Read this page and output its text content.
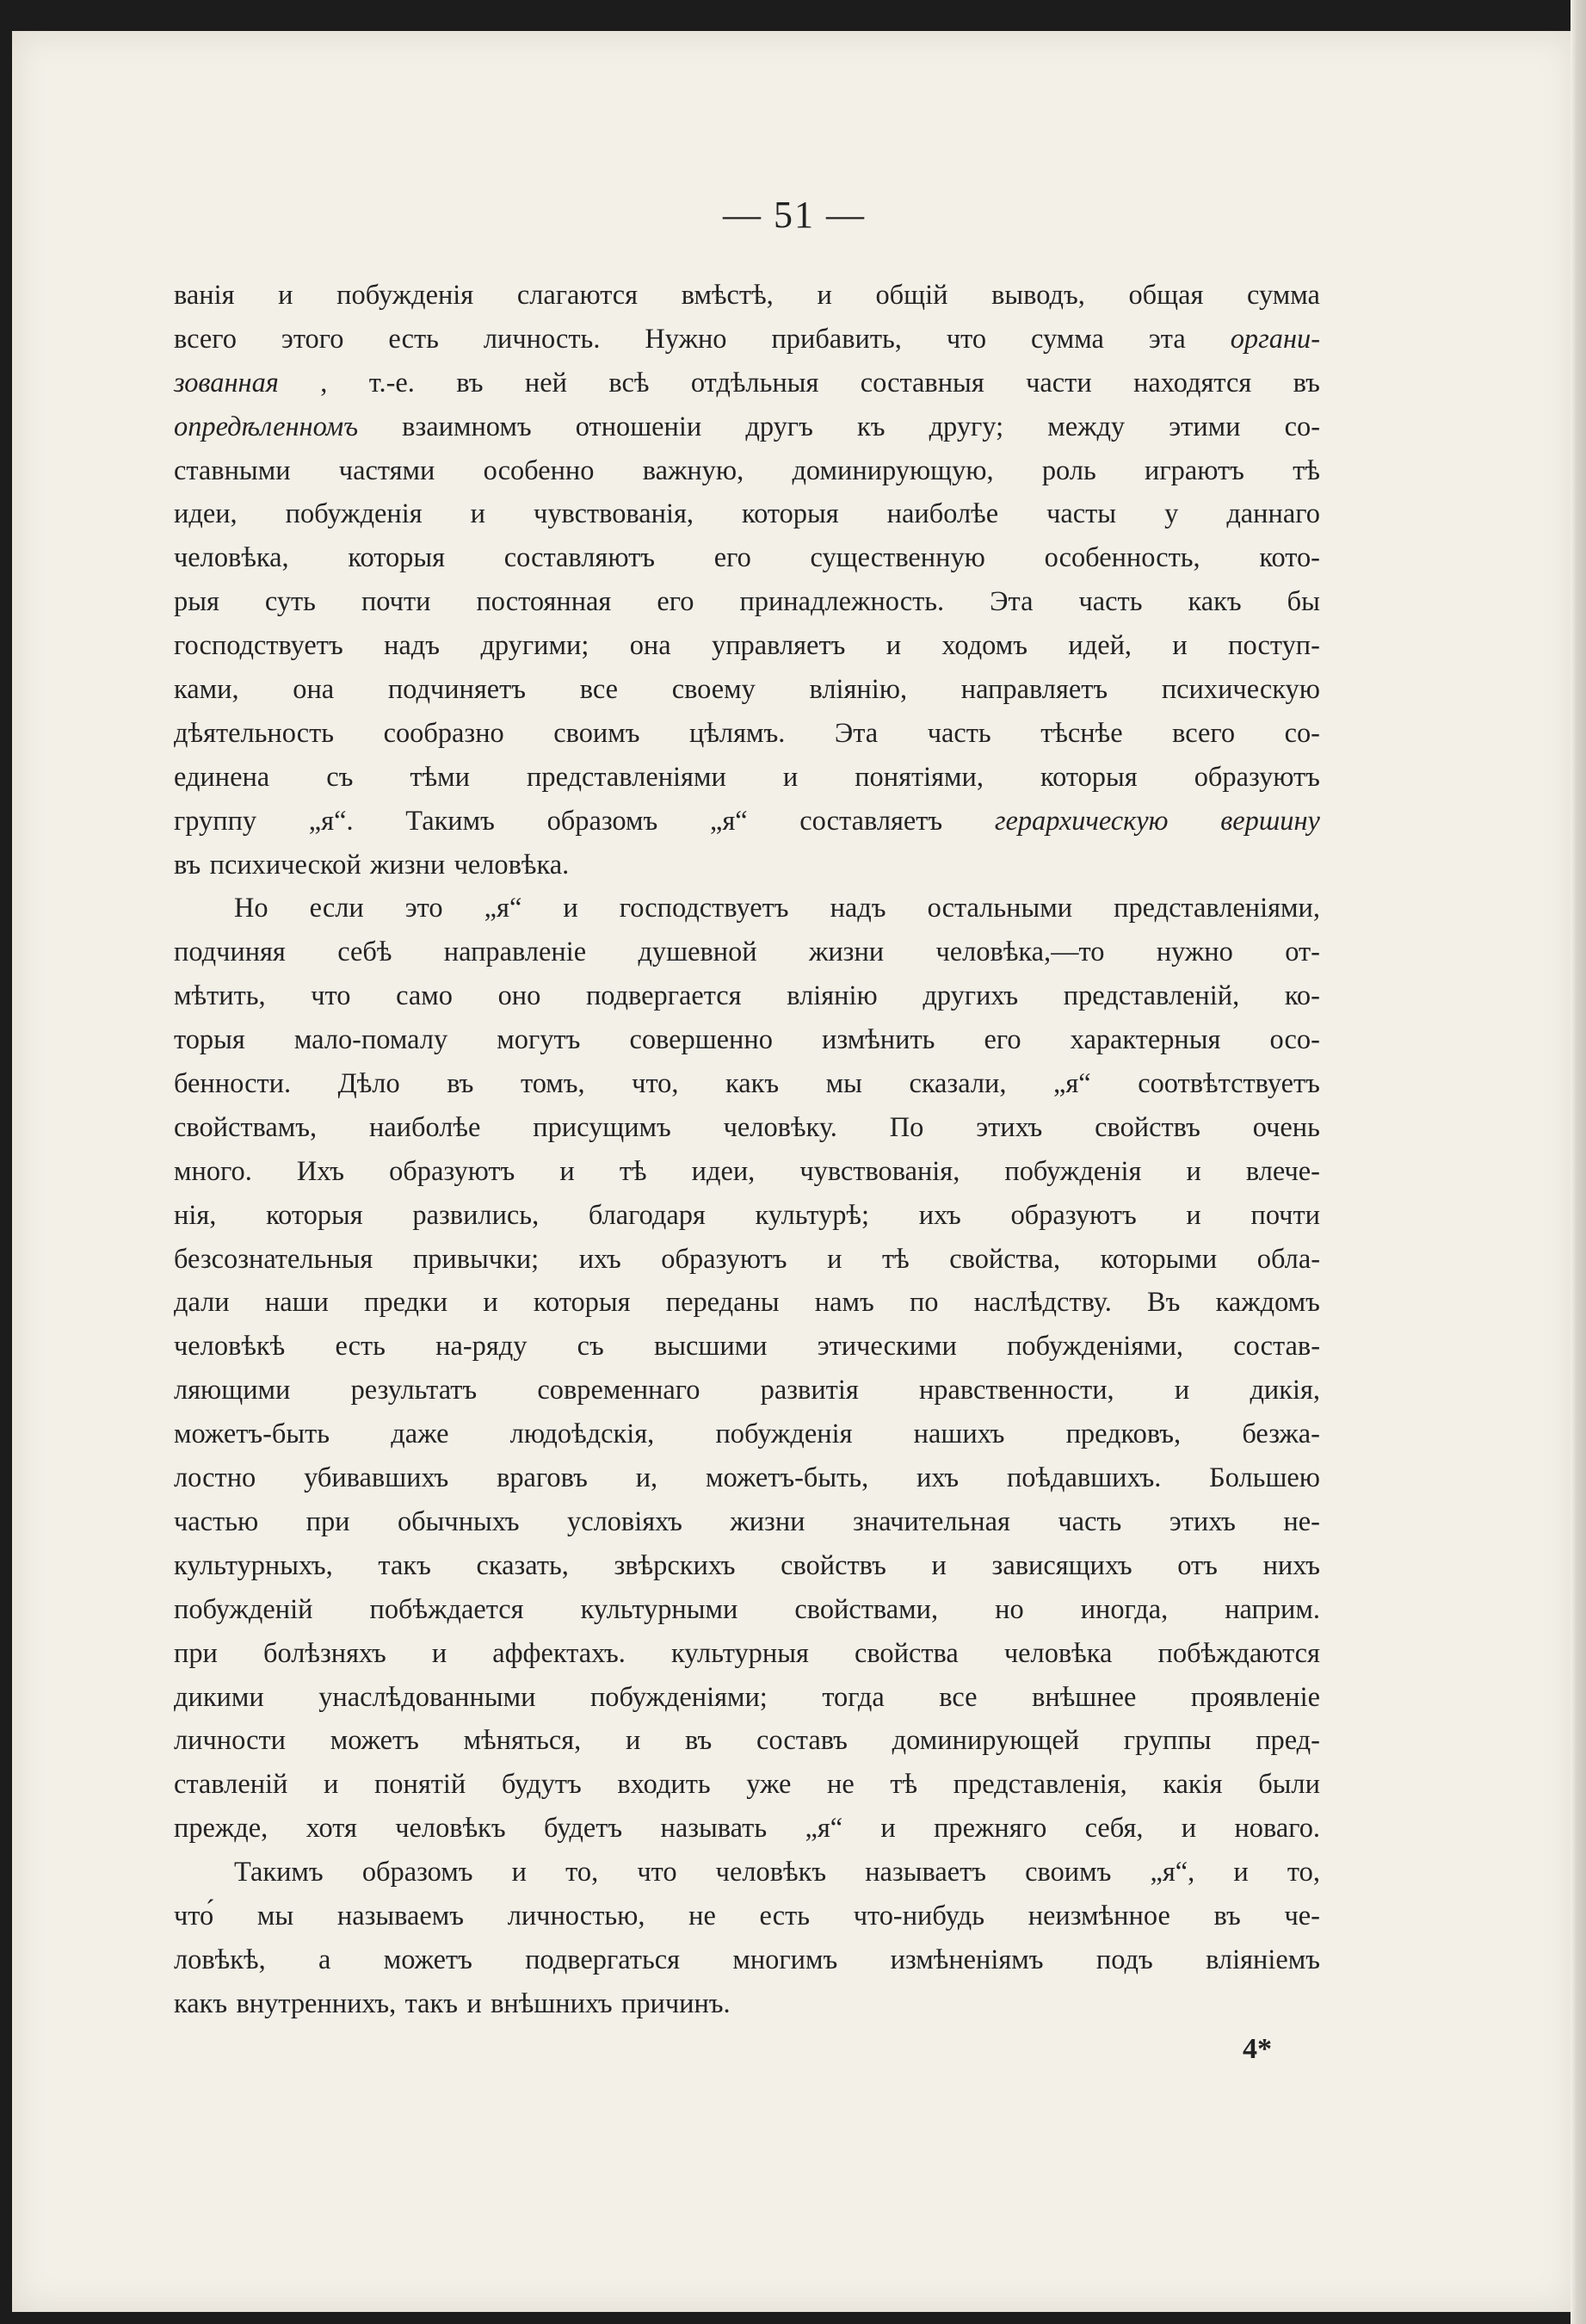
— 51 —
ванія и побужденія слагаются вмѣстѣ, и общій выводъ, общая сумма
всего этого есть личность. Нужно прибавить, что сумма эта органи-
зованная , т.-е. въ ней всѣ отдѣльныя составныя части находятся въ
опредѣленномъ взаимномъ отношеніи другъ къ другу; между этими со-
ставными частями особенно важную, доминирующую, роль играютъ тѣ
идеи, побужденія и чувствованія, которыя наиболѣе часты у даннаго
человѣка, которыя составляютъ его существенную особенность, кото-
рыя суть почти постоянная его принадлежность. Эта часть какъ бы
господствуетъ надъ другими; она управляетъ и ходомъ идей, и поступ-
ками, она подчиняетъ все своему вліянію, направляетъ психическую
дѣятельность сообразно своимъ цѣлямъ. Эта часть тѣснѣе всего со-
единена съ тѣми представленіями и понятіями, которыя образуютъ
группу „я“. Такимъ образомъ „я“ составляетъ герархическую вершину
въ психической жизни человѣка.
Но если это „я“ и господствуетъ надъ остальными представленіями,
подчиняя себѣ направленіе душевной жизни человѣка,—то нужно от-
мѣтить, что само оно подвергается вліянію другихъ представленій, ко-
торыя мало-помалу могутъ совершенно измѣнить его характерныя осо-
бенности. Дѣло въ томъ, что, какъ мы сказали, „я“ соотвѣтствуетъ
свойствамъ, наиболѣе присущимъ человѣку. По этихъ свойствъ очень
много. Ихъ образуютъ и тѣ идеи, чувствованія, побужденія и влече-
нія, которыя развились, благодаря культурѣ; ихъ образуютъ и почти
безсознательныя привычки; ихъ образуютъ и тѣ свойства, которыми обла-
дали наши предки и которыя переданы намъ по наслѣдству. Въ каждомъ
человѣкѣ есть на-ряду съ высшими этическими побужденіями, состав-
ляющими результатъ современнаго развитія нравственности, и дикія,
можетъ-быть даже людоѣдскія, побужденія нашихъ предковъ, безжа-
лостно убивавшихъ враговъ и, можетъ-быть, ихъ поѣдавшихъ. Большею
частью при обычныхъ условіяхъ жизни значительная часть этихъ не-
культурныхъ, такъ сказать, звѣрскихъ свойствъ и зависящихъ отъ нихъ
побужденій побѣждается культурными свойствами, но иногда, наприм.
при болѣзняхъ и аффектахъ. культурныя свойства человѣка побѣждаются
дикими унаслѣдованными побужденіями; тогда все внѣшнее проявленіе
личности можетъ мѣняться, и въ составъ доминирующей группы пред-
ставленій и понятій будутъ входить уже не тѣ представленія, какія были
прежде, хотя человѣкъ будетъ называть „я“ и прежняго себя, и новаго.
Такимъ образомъ и то, что человѣкъ называетъ своимъ „я“, и то,
что́ мы называемъ личностью, не есть что-нибудь неизмѣнное въ че-
ловѣкѣ, а можетъ подвергаться многимъ измѣненіямъ подъ вліяніемъ
какъ внутреннихъ, такъ и внѣшнихъ причинъ.
4*
